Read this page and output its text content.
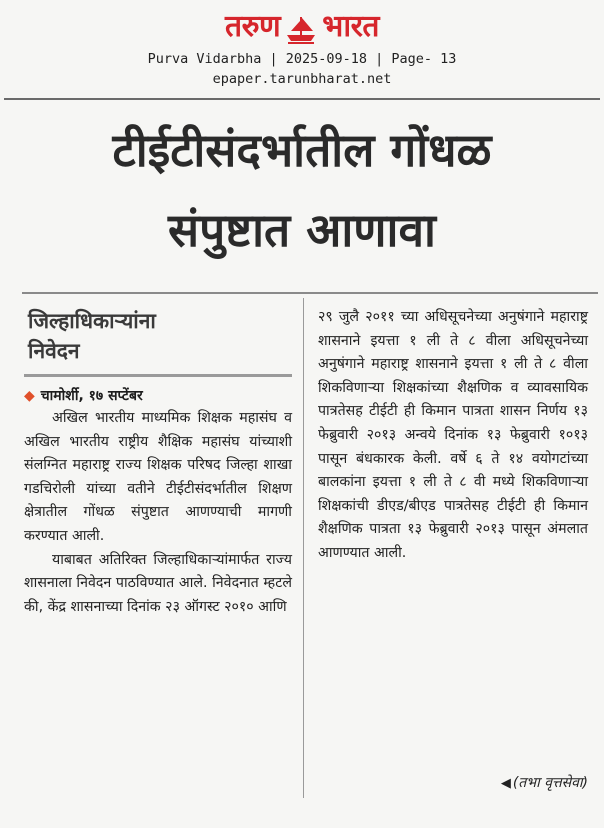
तरुण भारत
Purva Vidarbha | 2025-09-18 | Page- 13
epaper.tarunbharat.net
टीईटीसंदर्भातील गोंधळ
संपुष्टात आणावा
जिल्हाधिकाऱ्यांना
निवेदन
◆ चामोर्शी, १७ सप्टेंबर

अखिल भारतीय माध्यमिक शिक्षक महासंघ व अखिल भारतीय राष्ट्रीय शैक्षिक महासंघ यांच्याशी संलग्नित महाराष्ट्र राज्य शिक्षक परिषद जिल्हा शाखा गडचिरोली यांच्या वतीने टीईटीसंदर्भातील शिक्षण क्षेत्रातील गोंधळ संपुष्टात आणण्याची मागणी करण्यात आली.

याबाबत अतिरिक्त जिल्हाधिकाऱ्यांमार्फत राज्य शासनाला निवेदन पाठविण्यात आले. निवेदनात म्हटले की, केंद्र शासनाच्या दिनांक २३ ऑगस्ट २०१० आणि

२९ जुलै २०११ च्या अधिसूचनेच्या अनुषंगाने महाराष्ट्र शासनाने इयत्ता १ ली ते ८ वीला अधिसूचनेच्या अनुषंगाने महाराष्ट्र शासनाने इयत्ता १ ली ते ८ वीला शिकविणाऱ्या शिक्षकांच्या शैक्षणिक व व्यावसायिक पात्रतेसह टीईटी ही किमान पात्रता शासन निर्णय १३ फेब्रुवारी २०१३ अन्वये दिनांक १३ फेब्रुवारी १०१३ पासून बंधकारक केली. वर्षे ६ ते १४ वयोगटांच्या बालकांना इयत्ता १ ली ते ८ वी मध्ये शिकविणाऱ्या शिक्षकांची डीएड/बीएड पात्रतेसह टीईटी ही किमान शैक्षणिक पात्रता १३ फेब्रुवारी २०१३ पासून अंमलात आणण्यात आली.

◀ (तभा वृत्तसेवा)
